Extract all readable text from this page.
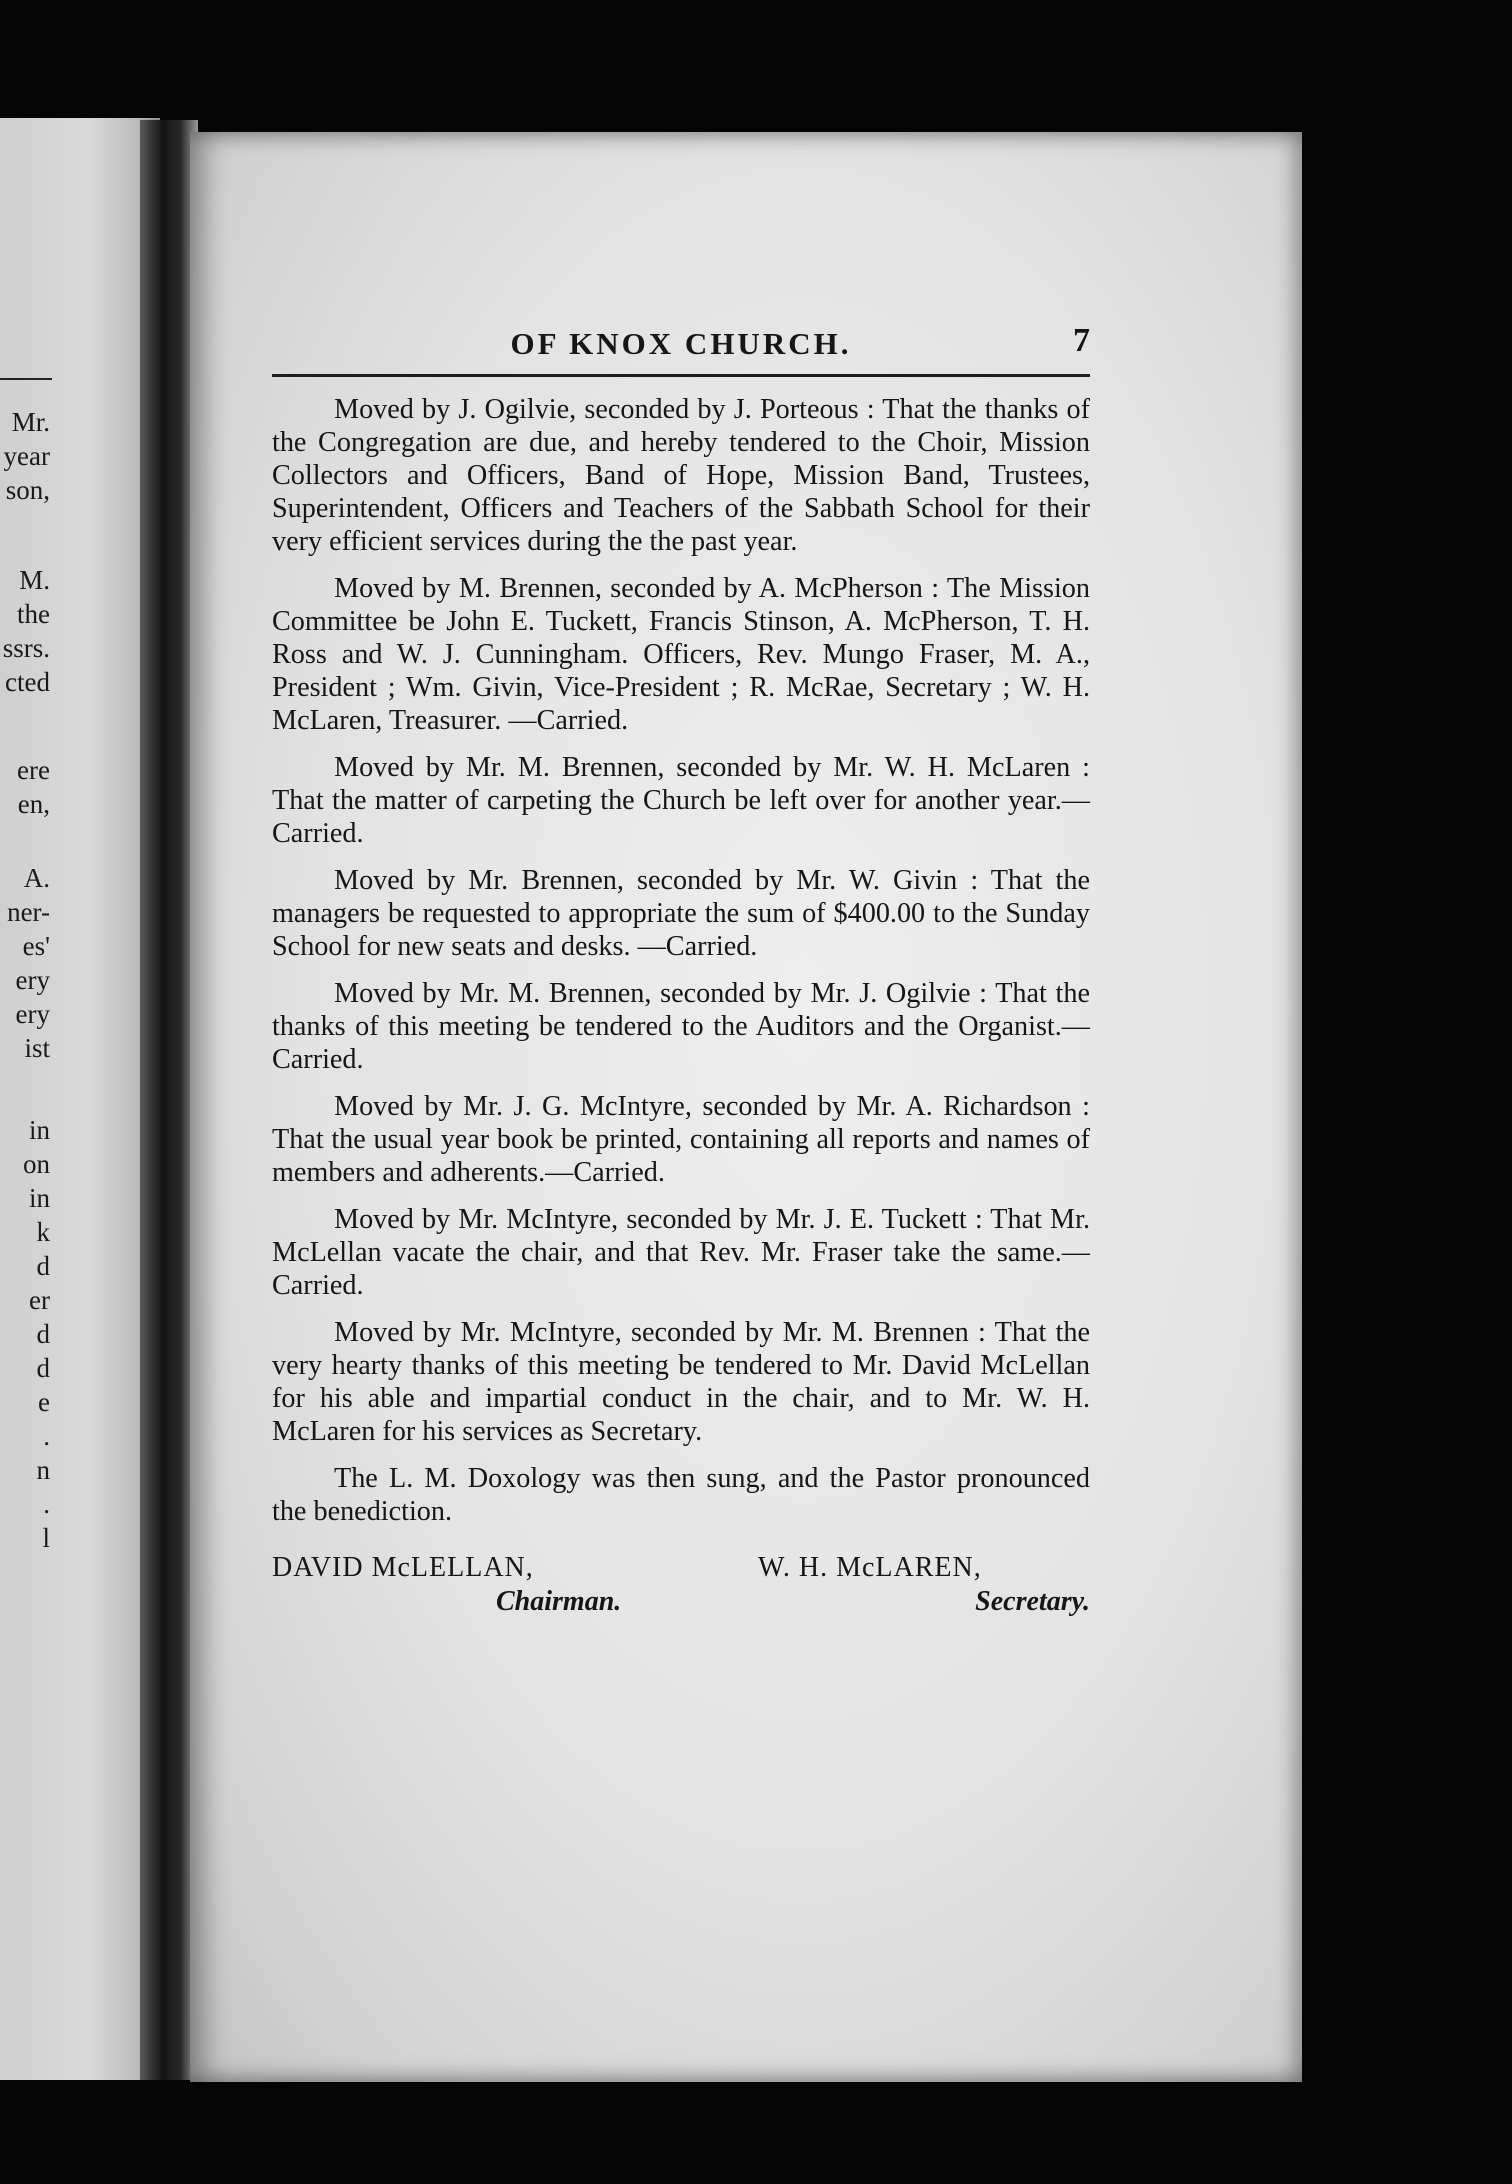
Mr.
year
son,
M.
the
ssrs.
cted
ere
en,
A.
ner-
es'
ery
ery
ist
in
on
in
k
d
er
d
d
e
.
n
.
l
OF KNOX CHURCH.	7

Moved by J. Ogilvie, seconded by J. Porteous : That the thanks of the Congregation are due, and hereby tendered to the Choir, Mission Collectors and Officers, Band of Hope, Mission Band, Trustees, Superintendent, Officers and Teachers of the Sabbath School for their very efficient services during the the past year.

Moved by M. Brennen, seconded by A. McPherson : The Mission Committee be John E. Tuckett, Francis Stinson, A. McPherson, T. H. Ross and W. J. Cunningham. Officers, Rev. Mungo Fraser, M. A., President ; Wm. Givin, Vice-President ; R. McRae, Secretary ; W. H. McLaren, Treasurer. —Carried.

Moved by Mr. M. Brennen, seconded by Mr. W. H. McLaren : That the matter of carpeting the Church be left over for another year.—Carried.

Moved by Mr. Brennen, seconded by Mr. W. Givin : That the managers be requested to appropriate the sum of $400.00 to the Sunday School for new seats and desks. —Carried.

Moved by Mr. M. Brennen, seconded by Mr. J. Ogilvie : That the thanks of this meeting be tendered to the Auditors and the Organist.—Carried.

Moved by Mr. J. G. McIntyre, seconded by Mr. A. Richardson : That the usual year book be printed, containing all reports and names of members and adherents.—Carried.

Moved by Mr. McIntyre, seconded by Mr. J. E. Tuckett : That Mr. McLellan vacate the chair, and that Rev. Mr. Fraser take the same.—Carried.

Moved by Mr. McIntyre, seconded by Mr. M. Brennen : That the very hearty thanks of this meeting be tendered to Mr. David McLellan for his able and impartial conduct in the chair, and to Mr. W. H. McLaren for his services as Secretary.

The L. M. Doxology was then sung, and the Pastor pronounced the benediction.

DAVID McLELLAN,
Chairman.
W. H. McLAREN,
Secretary.
